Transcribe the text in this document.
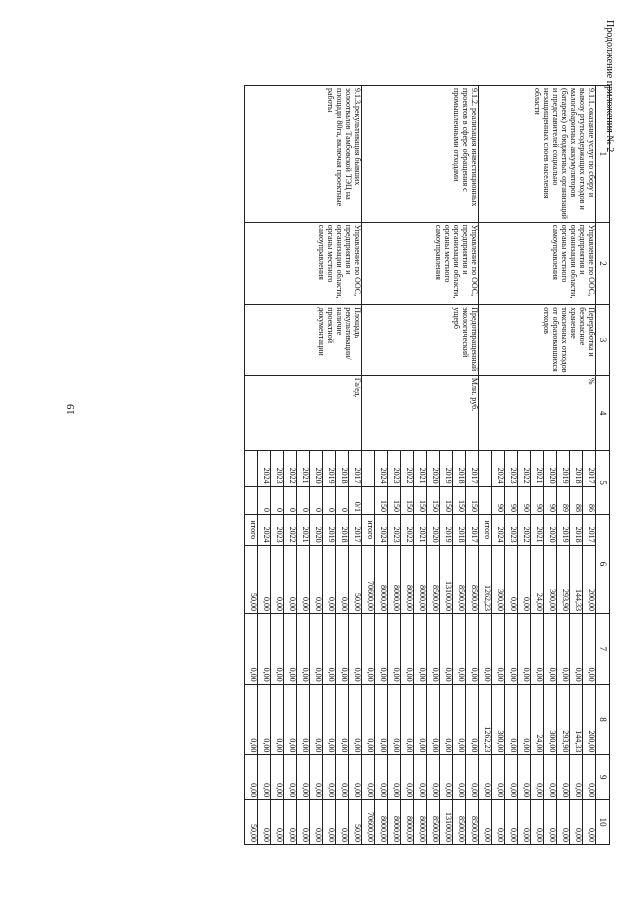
19
Продолжение приложения № 2
1	2	3	4	5		6		7	8	9	10

9.1.1. оказание услуг по сбору и вывозу ртутьсодержащих отходов и малогабаритных аккумуляторов (батареек) от бюджетных организаций и представителей социально незащищенных слоев населения области	Управление по ООС, предприятия и организации области, органы местного самоуправления	Переработка и безопасное хранение токсичных отходов от образовавшихся отходов	%	2017	86	2017	200,00	0,00	200,00	0,00	0,00
				2018	88	2018	144,33	0,00	144,33	0,00	0,00
				2019	89	2019	293,90	0,00	293,90	0,00	0,00
				2020	90	2020	300,00	0,00	300,00	0,00	0,00
				2021	90	2021	24,00	0,00	24,00	0,00	0,00
				2022	90	2022	0,00	0,00	0,00	0,00	0,00
				2023	90	2023	0,00	0,00	0,00	0,00	0,00
				2024	90	2024	300,00	0,00	300,00	0,00	0,00
						итого	1262,23	0,00	1262,23	0,00	0,00

9.1.2. реализация инвестиционных проектов в сфере обращения с промышленными отходами	Управление по ООС, предприятия и организации области, органы местного самоуправления	Предотвращенный экологический ущерб	Млн. руб.	2017	150	2017	8500,00	0,00	0,00	0,00	8500,00
				2018	150	2018	8500,00	0,00	0,00	0,00	8500,00
				2019	150	2019	13100,00	0,00	0,00	0,00	13100,00
				2020	150	2020	8500,00	0,00	0,00	0,00	8500,00
				2021	150	2021	8000,00	0,00	0,00	0,00	8000,00
				2022	150	2022	8000,00	0,00	0,00	0,00	8000,00
				2023	150	2023	8000,00	0,00	0,00	0,00	8000,00
				2024	150	2024	8000,00	0,00	0,00	0,00	8000,00
						итого	70600,00	0,00	0,00	0,00	70600,00

9.1.3.рекультивация бывших золоотвалов Тамбовской ТЭЦ на площади 80га, включая проектные работы	Управление по ООС, предприятия и организации области, органы местного самоуправления	Площадь рекультивации/наличие проектной документации	Га/ед.	2017	0/1	2017	50,00	0,00	0,00	0,00	50,00
				2018	0	2018	0,00	0,00	0,00	0,00	0,00
				2019	0	2019	0,00	0,00	0,00	0,00	0,00
				2020	0	2020	0,00	0,00	0,00	0,00	0,00
				2021	0	2021	0,00	0,00	0,00	0,00	0,00
				2022	0	2022	0,00	0,00	0,00	0,00	0,00
				2023	0	2023	0,00	0,00	0,00	0,00	0,00
				2024	0	2024	0,00	0,00	0,00	0,00	0,00
						итого	50,00	0,00	0,00	0,00	50,00
